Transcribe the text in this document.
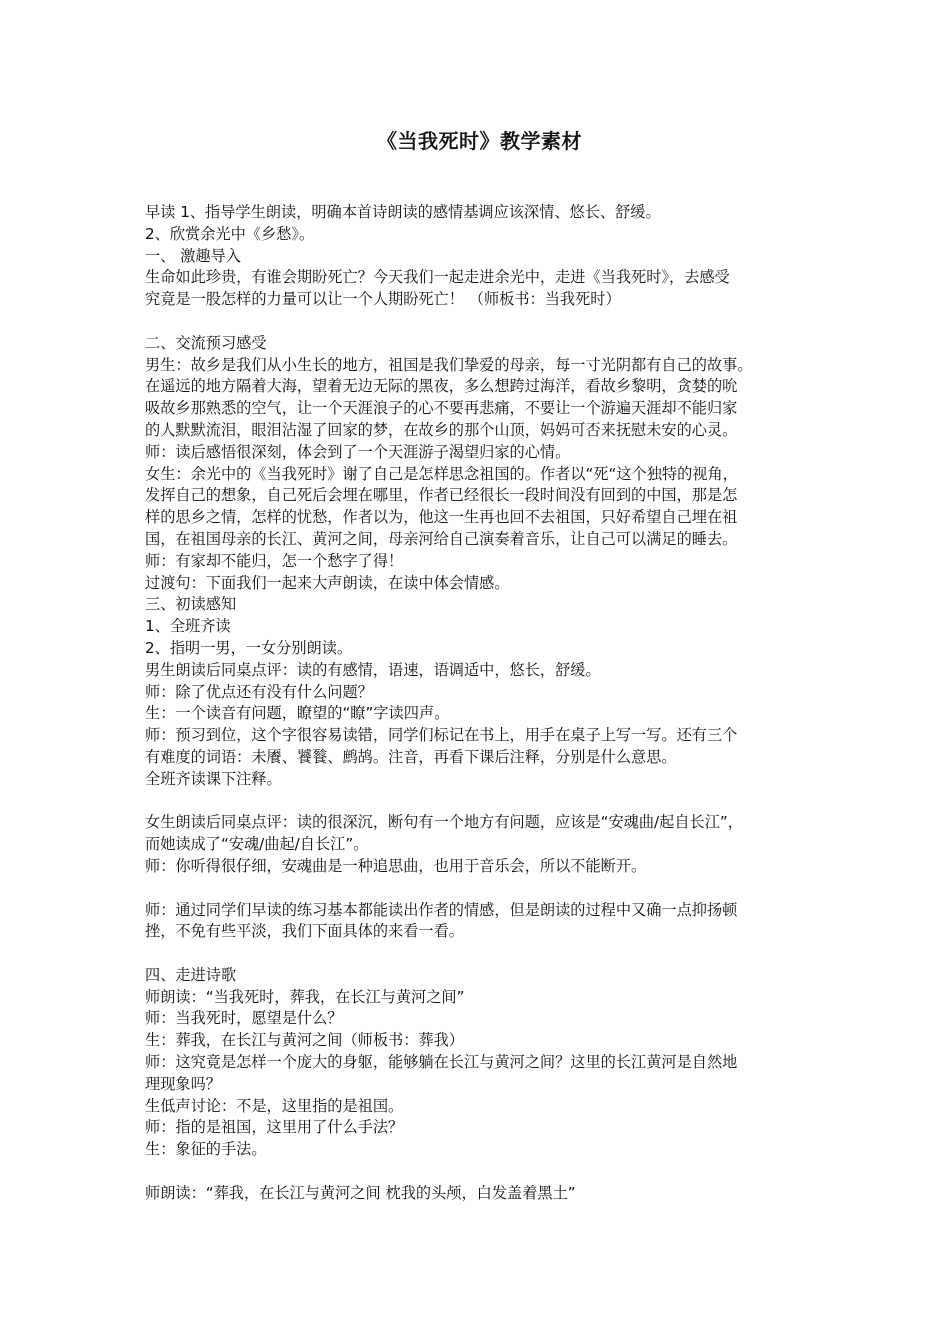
《当我死时》教学素材
早读 1、指导学生朗读，明确本首诗朗读的感情基调应该深情、悠长、舒缓。
2、欣赏余光中《乡愁》。
一、 激趣导入
生命如此珍贵，有谁会期盼死亡？今天我们一起走进余光中，走进《当我死时》，去感受
究竟是一股怎样的力量可以让一个人期盼死亡！ （师板书：当我死时）
二、交流预习感受
男生：故乡是我们从小生长的地方，祖国是我们挚爱的母亲，每一寸光阴都有自己的故事。
在遥远的地方隔着大海，望着无边无际的黑夜，多么想跨过海洋，看故乡黎明，贪婪的吮
吸故乡那熟悉的空气，让一个天涯浪子的心不要再悲痛，不要让一个游遍天涯却不能归家
的人默默流泪，眼泪沾湿了回家的梦，在故乡的那个山顶，妈妈可否来抚慰未安的心灵。
师：读后感悟很深刻，体会到了一个天涯游子渴望归家的心情。
女生：余光中的《当我死时》谢了自己是怎样思念祖国的。作者以“死“这个独特的视角，
发挥自己的想象，自己死后会埋在哪里，作者已经很长一段时间没有回到的中国，那是怎
样的思乡之情，怎样的忧愁，作者以为，他这一生再也回不去祖国，只好希望自己埋在祖
国，在祖国母亲的长江、黄河之间，母亲河给自己演奏着音乐，让自己可以满足的睡去。
师：有家却不能归，怎一个愁字了得！
过渡句：下面我们一起来大声朗读，在读中体会情感。
三、初读感知
1、全班齐读
2、指明一男，一女分别朗读。
男生朗读后同桌点评：读的有感情，语速，语调适中，悠长，舒缓。
师：除了优点还有没有什么问题？
生：一个读音有问题，瞭望的“瞭”字读四声。
师：预习到位，这个字很容易读错，同学们标记在书上，用手在桌子上写一写。还有三个
有难度的词语：未餍、饕餮、鹧鸪。注音，再看下课后注释，分别是什么意思。
全班齐读课下注释。
女生朗读后同桌点评：读的很深沉，断句有一个地方有问题，应该是“安魂曲/起自长江”，
而她读成了“安魂/曲起/自长江”。
师：你听得很仔细，安魂曲是一种追思曲，也用于音乐会，所以不能断开。
师：通过同学们早读的练习基本都能读出作者的情感，但是朗读的过程中又确一点抑扬顿
挫，不免有些平淡，我们下面具体的来看一看。
四、走进诗歌
师朗读：“当我死时，葬我，在长江与黄河之间”
师：当我死时，愿望是什么？
生：葬我，在长江与黄河之间（师板书：葬我）
师：这究竟是怎样一个庞大的身躯，能够躺在长江与黄河之间？这里的长江黄河是自然地
理现象吗？
生低声讨论：不是，这里指的是祖国。
师：指的是祖国，这里用了什么手法？
生：象征的手法。
师朗读：“葬我，在长江与黄河之间 枕我的头颅，白发盖着黑土”
